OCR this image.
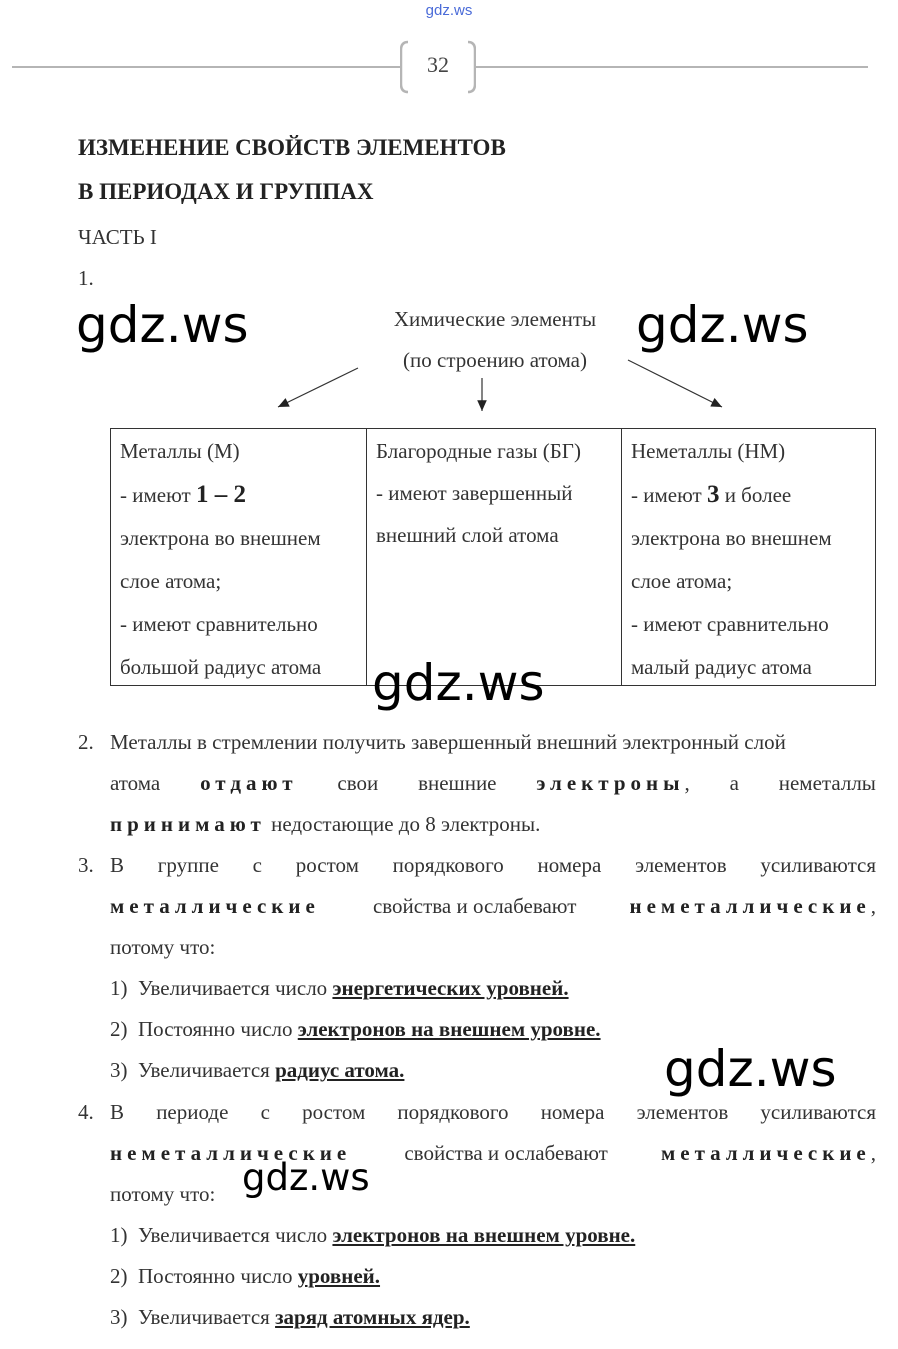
gdz.ws
32
ИЗМЕНЕНИЕ СВОЙСТВ ЭЛЕМЕНТОВ
В ПЕРИОДАХ И ГРУППАХ
ЧАСТЬ I
1.
Химические элементы
(по строению атома)
Металлы (М)
- имеют 1 – 2
электрона во внешнем
слое атома;
- имеют сравнительно
большой радиус атома
Благородные газы (БГ)
- имеют завершенный
внешний слой атома
Неметаллы (НМ)
- имеют 3 и более
электрона во внешнем
слое атома;
- имеют сравнительно
малый радиус атома
2. Металлы в стремлении получить завершенный внешний электронный слой
атома отдают свои внешние электроны, а неметаллы
принимают недостающие до 8 электроны.
3. В группе с ростом порядкового номера элементов усиливаются
металлические	свойства и ослабевают	неметаллические,
потому что:
1) Увеличивается число энергетических уровней.
2) Постоянно число электронов на внешнем уровне.
3) Увеличивается радиус атома.
4. В периоде с ростом порядкового номера элементов усиливаются
неметаллические	свойства и ослабевают	металлические,
потому что:
1) Увеличивается число электронов на внешнем уровне.
2) Постоянно число уровней.
3) Увеличивается заряд атомных ядер.
gdz.ws	gdz.ws
gdz.ws
gdz.ws
gdz.ws
